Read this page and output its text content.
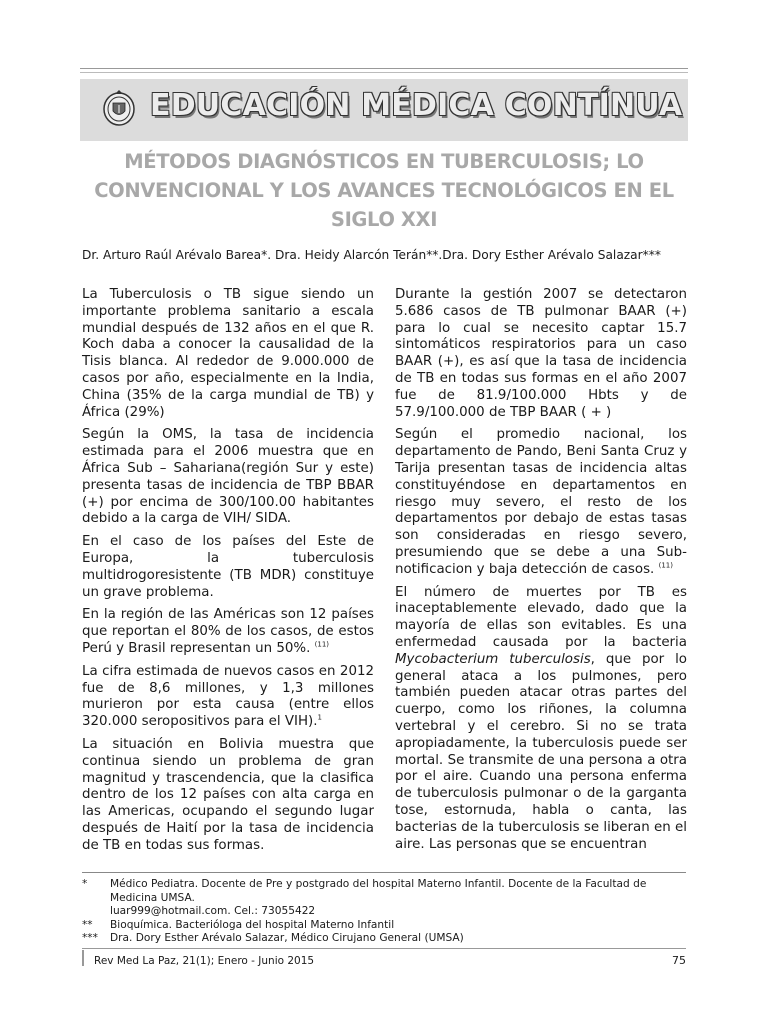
EDUCACIÓN MÉDICA CONTÍNUA
MÉTODOS DIAGNÓSTICOS EN TUBERCULOSIS; LO CONVENCIONAL Y LOS AVANCES TECNOLÓGICOS EN EL SIGLO XXI
Dr. Arturo Raúl Arévalo Barea*. Dra. Heidy Alarcón Terán**.Dra. Dory Esther Arévalo Salazar***

La Tuberculosis o TB sigue siendo un importante problema sanitario a escala mundial después de 132 años en el que R. Koch daba a conocer la causalidad de la Tisis blanca. Al rededor de 9.000.000 de casos por año, especialmente en la India, China (35% de la carga mundial de TB) y África (29%)

Según la OMS, la tasa de incidencia estimada para el 2006 muestra que en África Sub – Sahariana(región Sur y este) presenta tasas de incidencia de TBP BBAR (+) por encima de 300/100.00 habitantes debido a la carga de VIH/ SIDA.

En el caso de los países del Este de Europa, la tuberculosis multidrogoresistente (TB MDR) constituye un grave problema.

En la región de las Américas son 12 países que reportan el 80% de los casos, de estos Perú y Brasil representan un 50%. $^{(11)}$

La cifra estimada de nuevos casos en 2012 fue de 8,6 millones, y 1,3 millones murieron por esta causa (entre ellos 320.000 seropositivos para el VIH).$^1$

La situación en Bolivia muestra que continua siendo un problema de gran magnitud y trascendencia, que la clasifica dentro de los 12 países con alta carga en las Americas, ocupando el segundo lugar después de Haití por la tasa de incidencia de TB en todas sus formas.

Durante la gestión 2007 se detectaron 5.686 casos de TB pulmonar BAAR (+) para lo cual se necesito captar 15.7 sintomáticos respiratorios para un caso BAAR (+), es así que la tasa de incidencia de TB en todas sus formas en el año 2007 fue de 81.9/100.000 Hbts y de 57.9/100.000 de TBP BAAR ( + )

Según el promedio nacional, los departamento de Pando, Beni Santa Cruz y Tarija presentan tasas de incidencia altas constituyéndose en departamentos en riesgo muy severo, el resto de los departamentos por debajo de estas tasas son consideradas en riesgo severo, presumiendo que se debe a una Sub-notificacion y baja detección de casos. $^{(11)}$

El número de muertes por TB es inaceptablemente elevado, dado que la mayoría de ellas son evitables. Es una enfermedad causada por la bacteria Mycobacterium tuberculosis, que por lo general ataca a los pulmones, pero también pueden atacar otras partes del cuerpo, como los riñones, la columna vertebral y el cerebro. Si no se trata apropiadamente, la tuberculosis puede ser mortal. Se transmite de una persona a otra por el aire. Cuando una persona enferma de tuberculosis pulmonar o de la garganta tose, estornuda, habla o canta, las bacterias de la tuberculosis se liberan en el aire. Las personas que se encuentran

*	Médico Pediatra. Docente de Pre y postgrado del hospital Materno Infantil. Docente de la Facultad de Medicina UMSA.
luar999@hotmail.com. Cel.: 73055422
**	Bioquímica. Bacterióloga del hospital Materno Infantil
***	Dra. Dory Esther Arévalo Salazar, Médico Cirujano General (UMSA)
Rev Med La Paz, 21(1); Enero - Junio 2015	75
